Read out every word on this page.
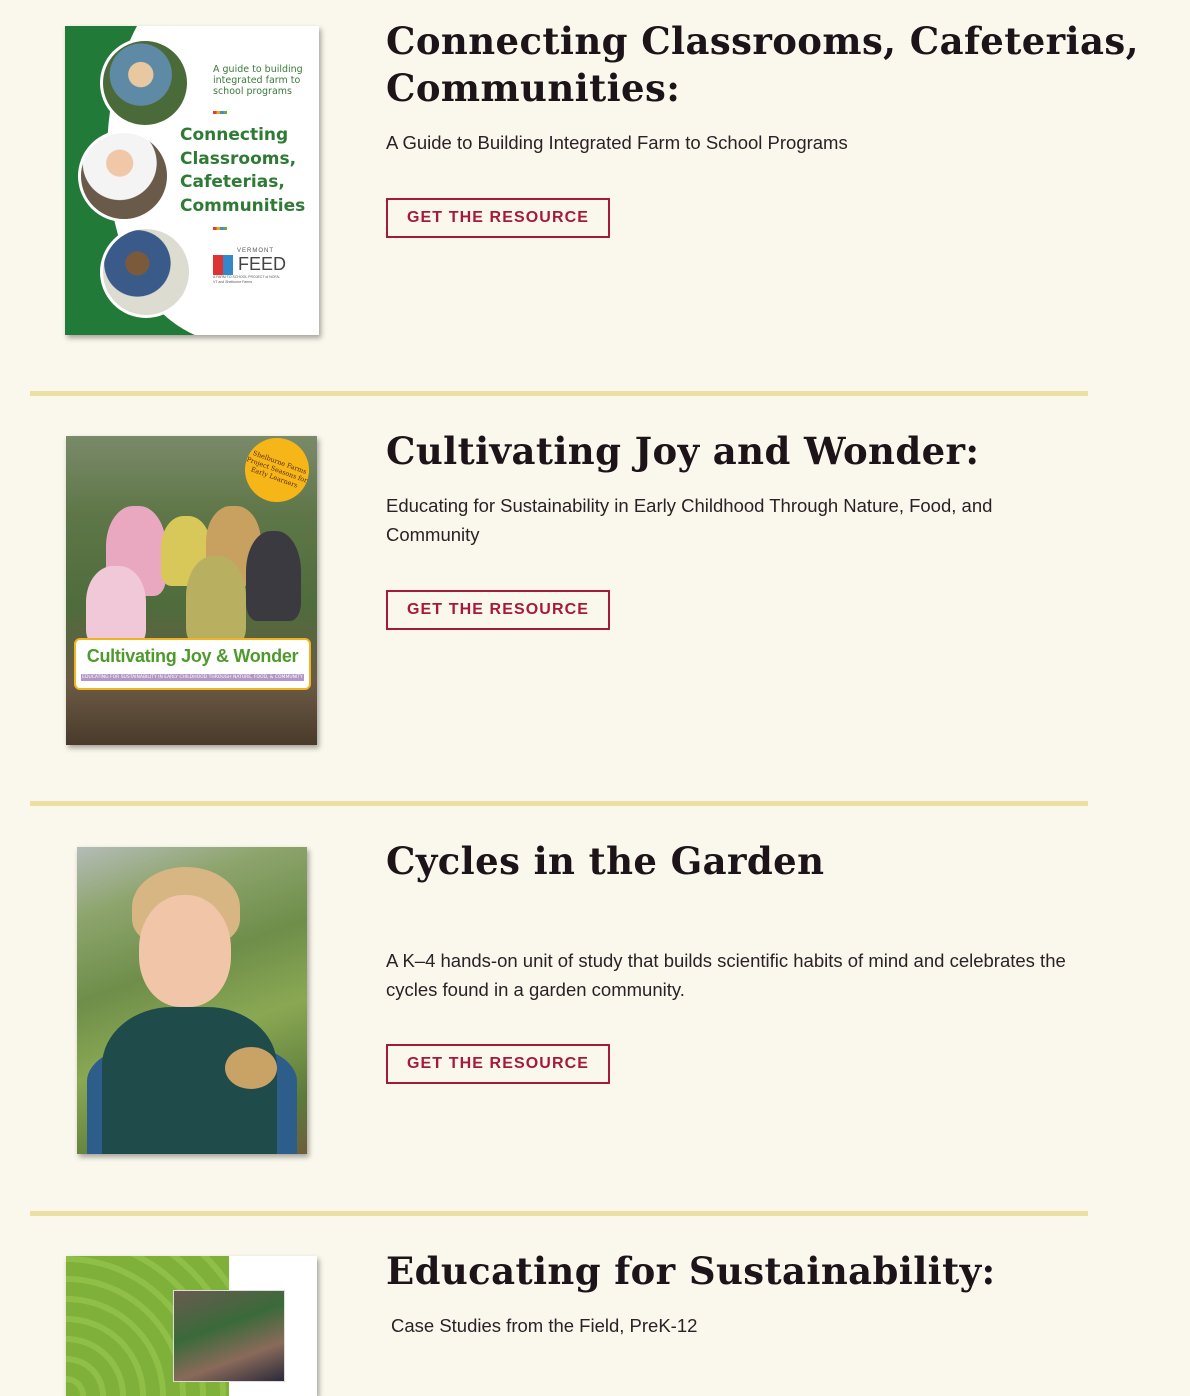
A guide to building integrated farm to school programs
Connecting
Classrooms,
Cafeterias,
Communities
VERMONT
FEED
A FARM TO SCHOOL PROJECT of NOFA-VT and Shelburne Farms
Connecting Classrooms, Cafeterias,
Communities:

A Guide to Building Integrated Farm to School Programs

GET THE RESOURCE
Shelburne Farms Project Seasons for Early Learners
Cultivating Joy & Wonder
EDUCATING FOR SUSTAINABILITY IN EARLY CHILDHOOD THROUGH NATURE, FOOD, & COMMUNITY
Cultivating Joy and Wonder:

Educating for Sustainability in Early Childhood Through Nature, Food, and Community

GET THE RESOURCE
Cycles in the Garden

A K–4 hands-on unit of study that builds scientific habits of mind and celebrates the cycles found in a garden community.

GET THE RESOURCE
Educating for Sustainability:

Case Studies from the Field, PreK-12
